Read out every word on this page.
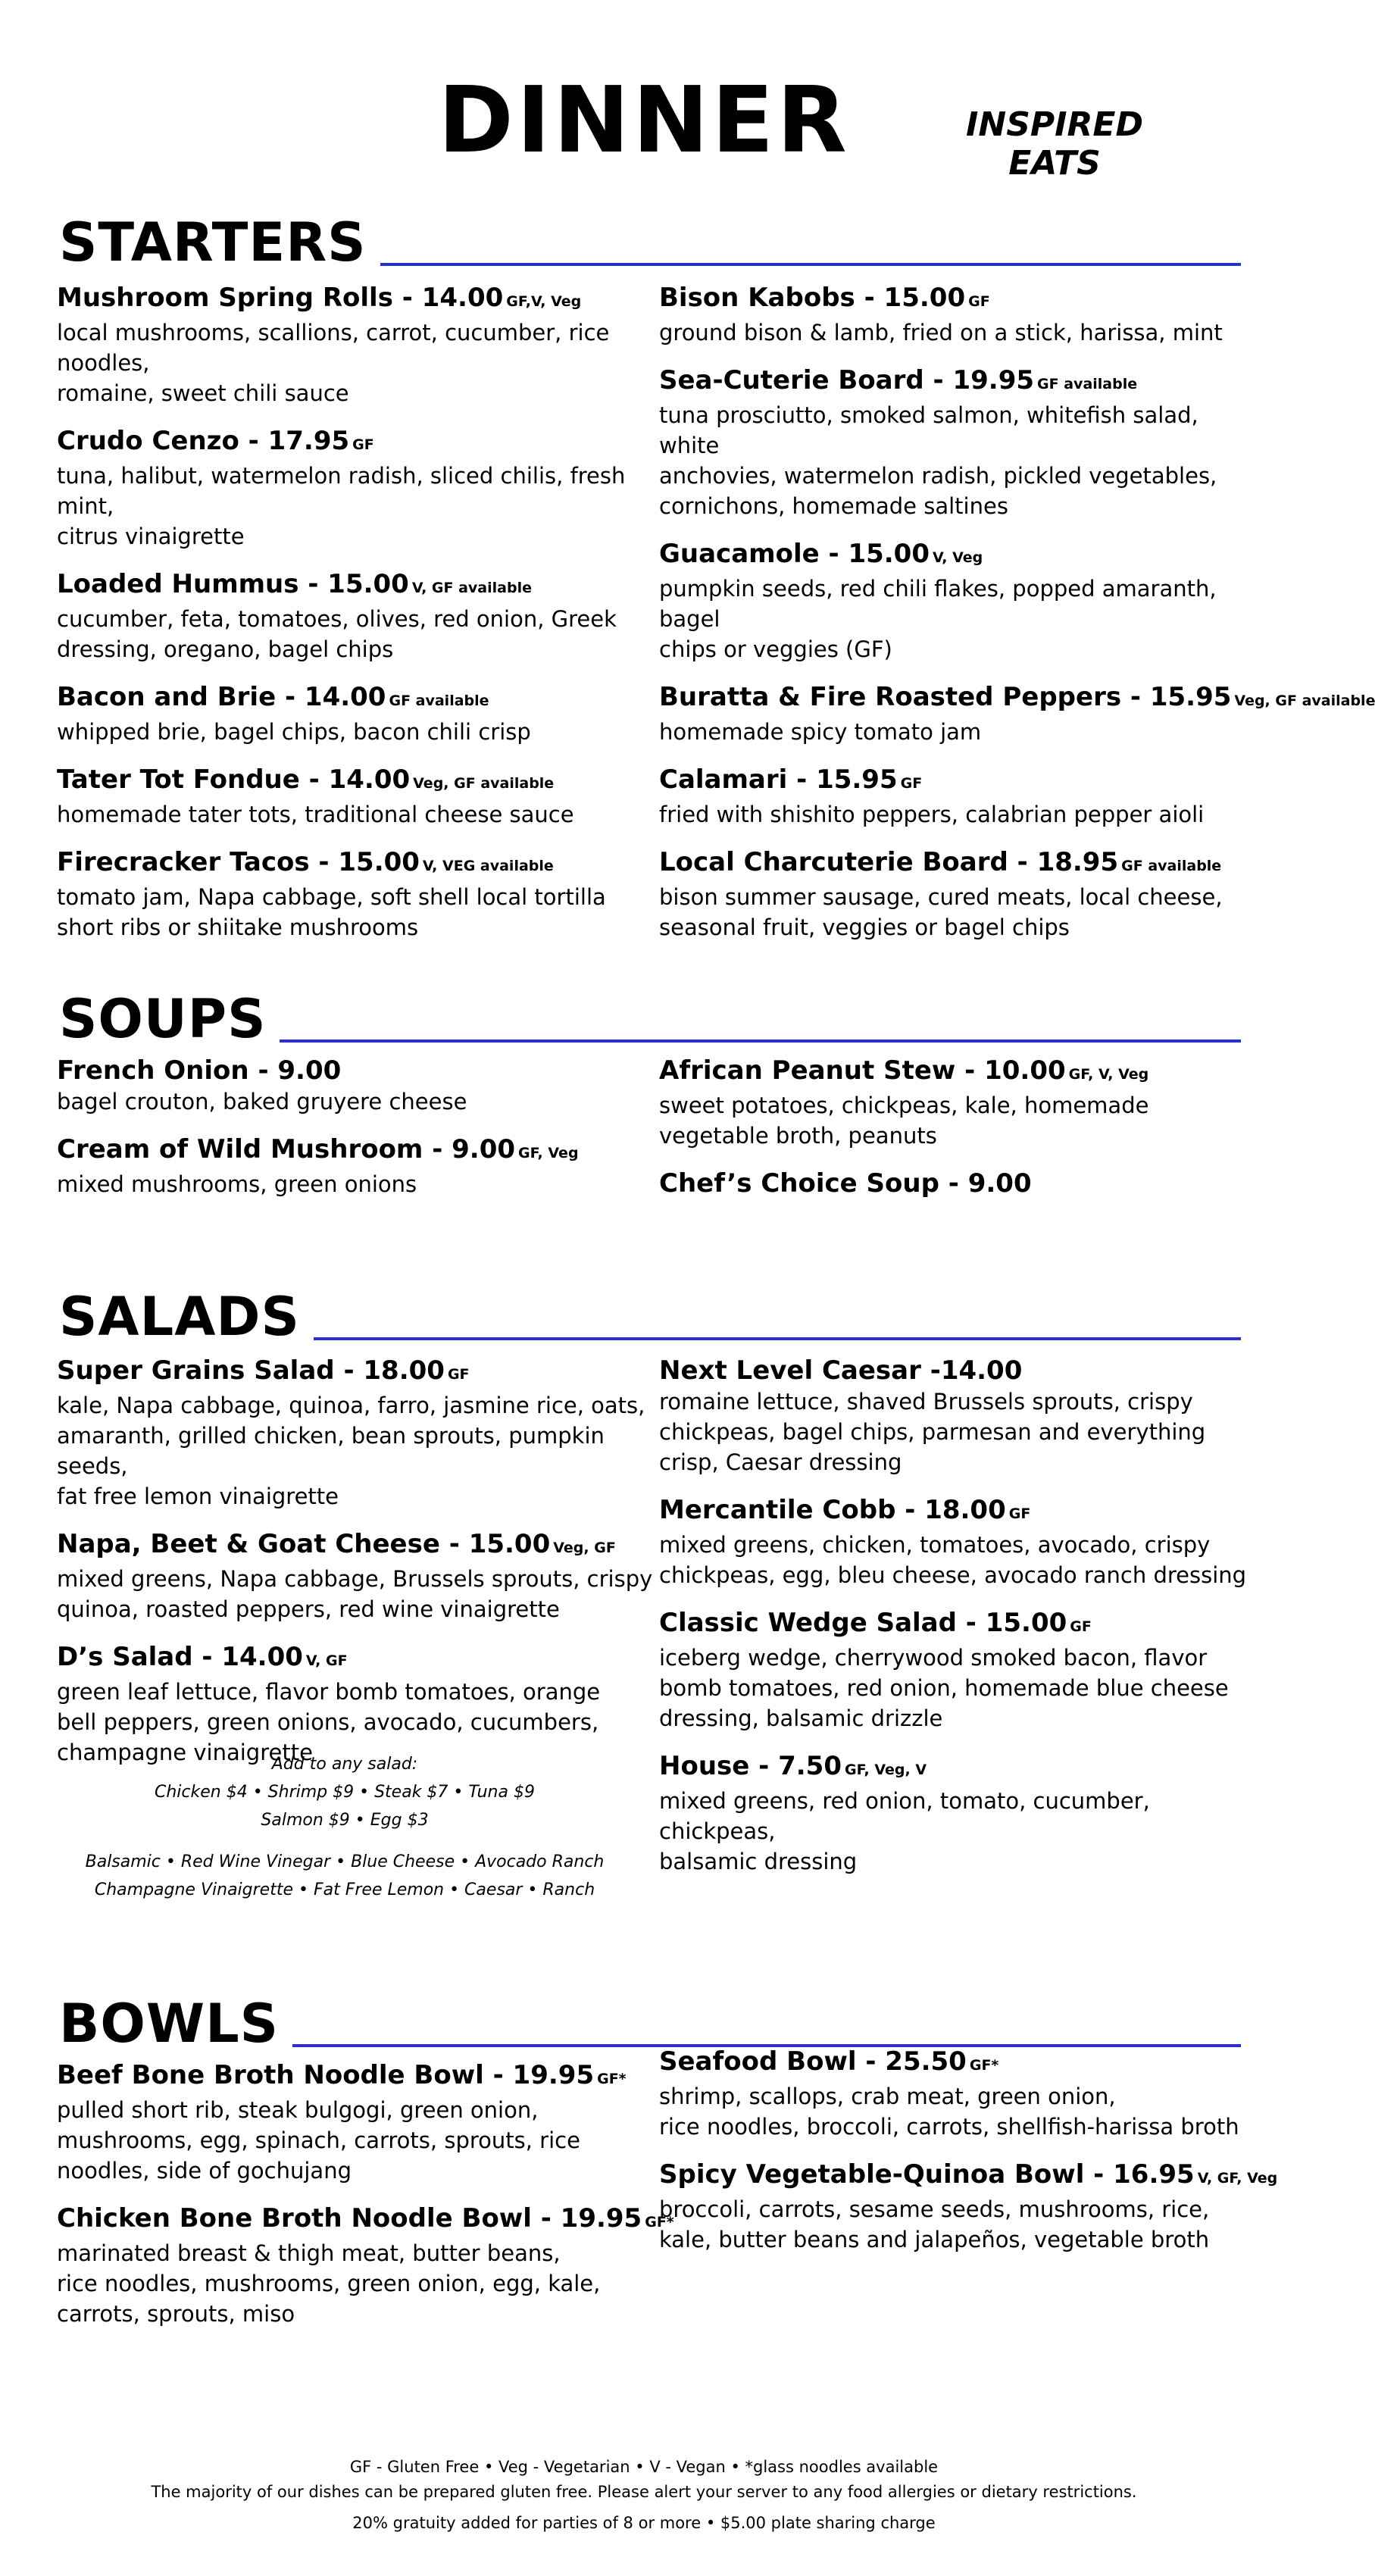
DINNER	INSPIRED
EATS
STARTERS
Mushroom Spring Rolls - 14.00 GF,V, Veg
local mushrooms, scallions, carrot, cucumber, rice noodles,
romaine, sweet chili sauce
Crudo Cenzo - 17.95 GF
tuna, halibut, watermelon radish, sliced chilis, fresh mint,
citrus vinaigrette
Loaded Hummus - 15.00 V, GF available
cucumber, feta, tomatoes, olives, red onion, Greek
dressing, oregano, bagel chips
Bacon and Brie - 14.00 GF available
whipped brie, bagel chips, bacon chili crisp
Tater Tot Fondue - 14.00 Veg, GF available
homemade tater tots, traditional cheese sauce
Firecracker Tacos - 15.00 V, VEG available
tomato jam, Napa cabbage, soft shell local tortilla
short ribs or shiitake mushrooms
Bison Kabobs - 15.00 GF
ground bison & lamb, fried on a stick, harissa, mint
Sea-Cuterie Board - 19.95 GF available
tuna prosciutto, smoked salmon, whitefish salad, white
anchovies, watermelon radish, pickled vegetables,
cornichons, homemade saltines
Guacamole - 15.00 V, Veg
pumpkin seeds, red chili flakes, popped amaranth, bagel
chips or veggies (GF)
Buratta & Fire Roasted Peppers - 15.95 Veg, GF available
homemade spicy tomato jam
Calamari - 15.95 GF
fried with shishito peppers, calabrian pepper aioli
Local Charcuterie Board - 18.95 GF available
bison summer sausage, cured meats, local cheese,
seasonal fruit, veggies or bagel chips
SOUPS
French Onion - 9.00
bagel crouton, baked gruyere cheese
Cream of Wild Mushroom - 9.00 GF, Veg
mixed mushrooms, green onions
African Peanut Stew - 10.00 GF, V, Veg
sweet potatoes, chickpeas, kale, homemade
vegetable broth, peanuts
Chef’s Choice Soup - 9.00
SALADS
Super Grains Salad - 18.00 GF
kale, Napa cabbage, quinoa, farro, jasmine rice, oats,
amaranth, grilled chicken, bean sprouts, pumpkin seeds,
fat free lemon vinaigrette
Napa, Beet & Goat Cheese - 15.00 Veg, GF
mixed greens, Napa cabbage, Brussels sprouts, crispy
quinoa, roasted peppers, red wine vinaigrette
D’s Salad - 14.00 V, GF
green leaf lettuce, flavor bomb tomatoes, orange
bell peppers, green onions, avocado, cucumbers,
champagne vinaigrette
Next Level Caesar -14.00
romaine lettuce, shaved Brussels sprouts, crispy
chickpeas, bagel chips, parmesan and everything
crisp, Caesar dressing
Mercantile Cobb - 18.00 GF
mixed greens, chicken, tomatoes, avocado, crispy
chickpeas, egg, bleu cheese, avocado ranch dressing
Classic Wedge Salad - 15.00 GF
iceberg wedge, cherrywood smoked bacon, flavor
bomb tomatoes, red onion, homemade blue cheese
dressing, balsamic drizzle
House - 7.50 GF, Veg, V
mixed greens, red onion, tomato, cucumber, chickpeas,
balsamic dressing
Add to any salad:
Chicken $4 • Shrimp $9 • Steak $7 • Tuna $9
Salmon $9 • Egg $3
Balsamic • Red Wine Vinegar • Blue Cheese • Avocado Ranch
Champagne Vinaigrette • Fat Free Lemon • Caesar • Ranch
BOWLS
Beef Bone Broth Noodle Bowl - 19.95 GF*
pulled short rib, steak bulgogi, green onion,
mushrooms, egg, spinach, carrots, sprouts, rice
noodles, side of gochujang
Chicken Bone Broth Noodle Bowl - 19.95 GF*
marinated breast & thigh meat, butter beans,
rice noodles, mushrooms, green onion, egg, kale,
carrots, sprouts, miso
Seafood Bowl - 25.50 GF*
shrimp, scallops, crab meat, green onion,
rice noodles, broccoli, carrots, shellfish-harissa broth
Spicy Vegetable-Quinoa Bowl - 16.95 V, GF, Veg
broccoli, carrots, sesame seeds, mushrooms, rice,
kale, butter beans and jalapeños, vegetable broth
GF - Gluten Free • Veg - Vegetarian • V - Vegan • *glass noodles available
The majority of our dishes can be prepared gluten free. Please alert your server to any food allergies or dietary restrictions.
20% gratuity added for parties of 8 or more • $5.00 plate sharing charge
